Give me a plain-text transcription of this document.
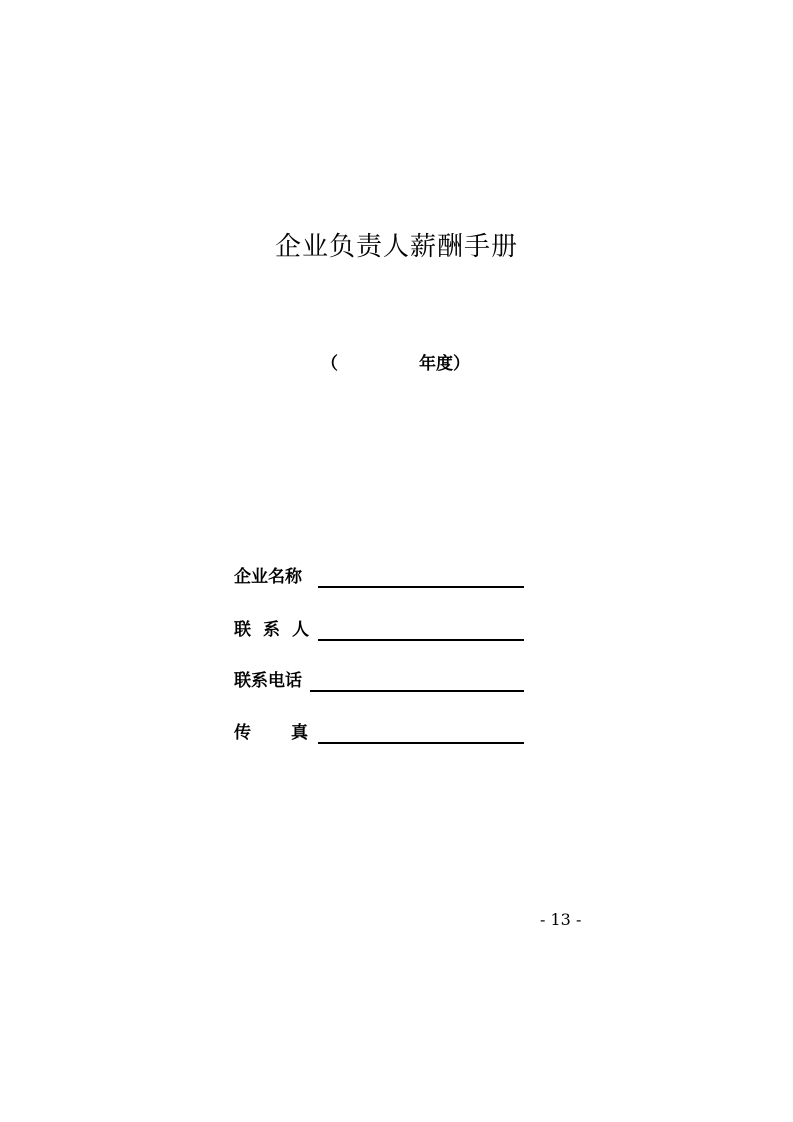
企业负责人薪酬手册
（	年度）
企业名称
联系人
联系电话
传真
- 13 -
